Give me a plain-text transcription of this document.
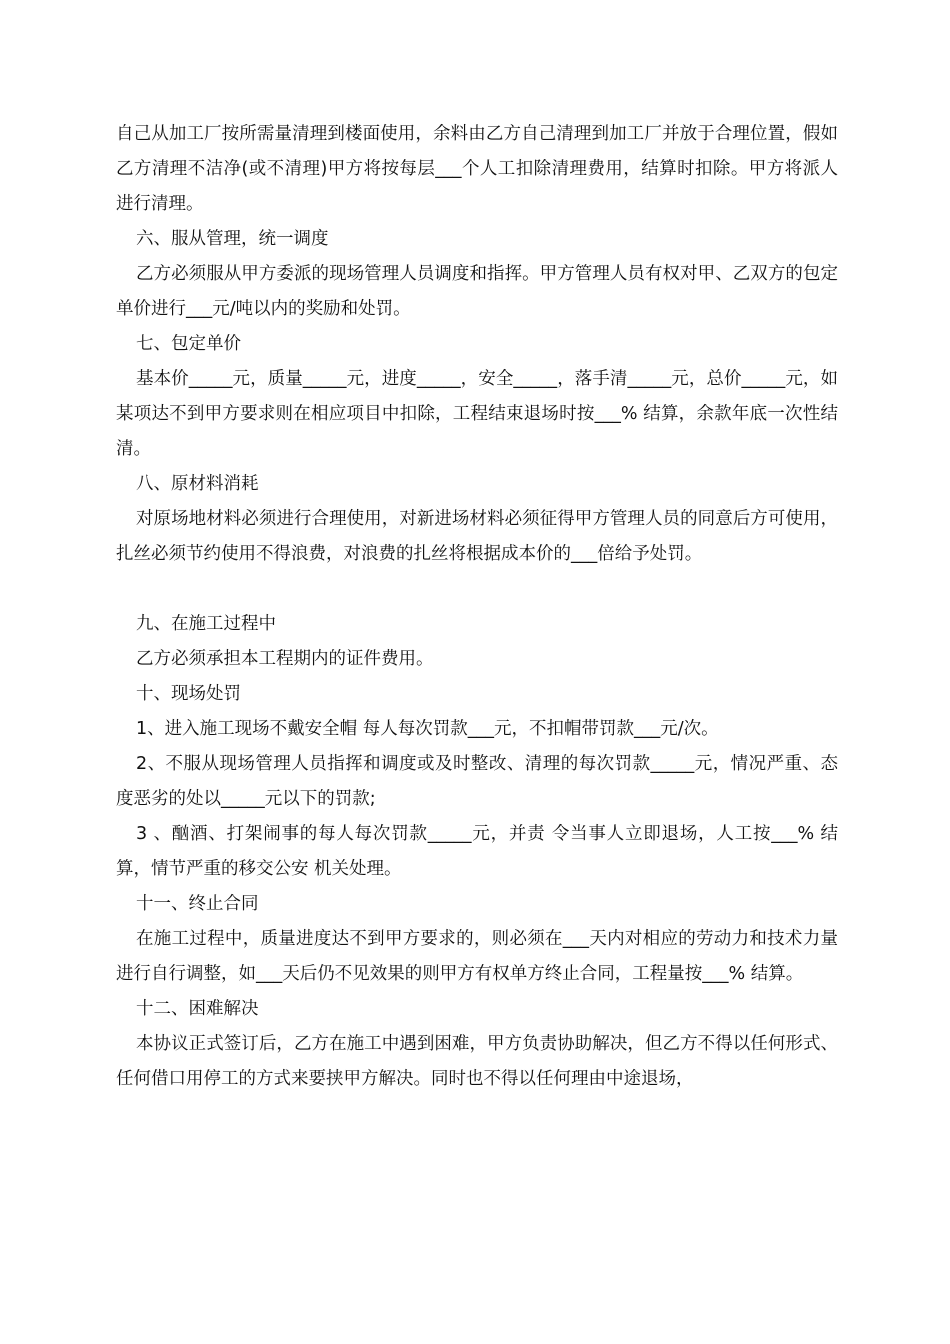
自己从加工厂按所需量清理到楼面使用，余料由乙方自己清理到加工厂并放于合理位置，假如乙方清理不洁净(或不清理)甲方将按每层___个人工扣除清理费用，结算时扣除。甲方将派人进行清理。

六、服从管理，统一调度

乙方必须服从甲方委派的现场管理人员调度和指挥。甲方管理人员有权对甲、乙双方的包定单价进行___元/吨以内的奖励和处罚。

七、包定单价

基本价_____元，质量_____元，进度_____，安全_____，落手清_____元，总价_____元，如某项达不到甲方要求则在相应项目中扣除，工程结束退场时按___% 结算，余款年底一次性结清。

八、原材料消耗

对原场地材料必须进行合理使用，对新进场材料必须征得甲方管理人员的同意后方可使用，扎丝必须节约使用不得浪费，对浪费的扎丝将根据成本价的___倍给予处罚。

九、在施工过程中

乙方必须承担本工程期内的证件费用。

十、现场处罚

1、进入施工现场不戴安全帽 每人每次罚款___元，不扣帽带罚款___元/次。

2、不服从现场管理人员指挥和调度或及时整改、清理的每次罚款_____元，情况严重、态度恶劣的处以_____元以下的罚款;

3 、酗酒、打架闹事的每人每次罚款_____元，并责 令当事人立即退场，人工按___% 结算，情节严重的移交公安 机关处理。

十一、终止合同

在施工过程中，质量进度达不到甲方要求的，则必须在___天内对相应的劳动力和技术力量进行自行调整，如___天后仍不见效果的则甲方有权单方终止合同，工程量按___% 结算。

十二、困难解决

本协议正式签订后，乙方在施工中遇到困难，甲方负责协助解决，但乙方不得以任何形式、任何借口用停工的方式来要挟甲方解决。同时也不得以任何理由中途退场，
